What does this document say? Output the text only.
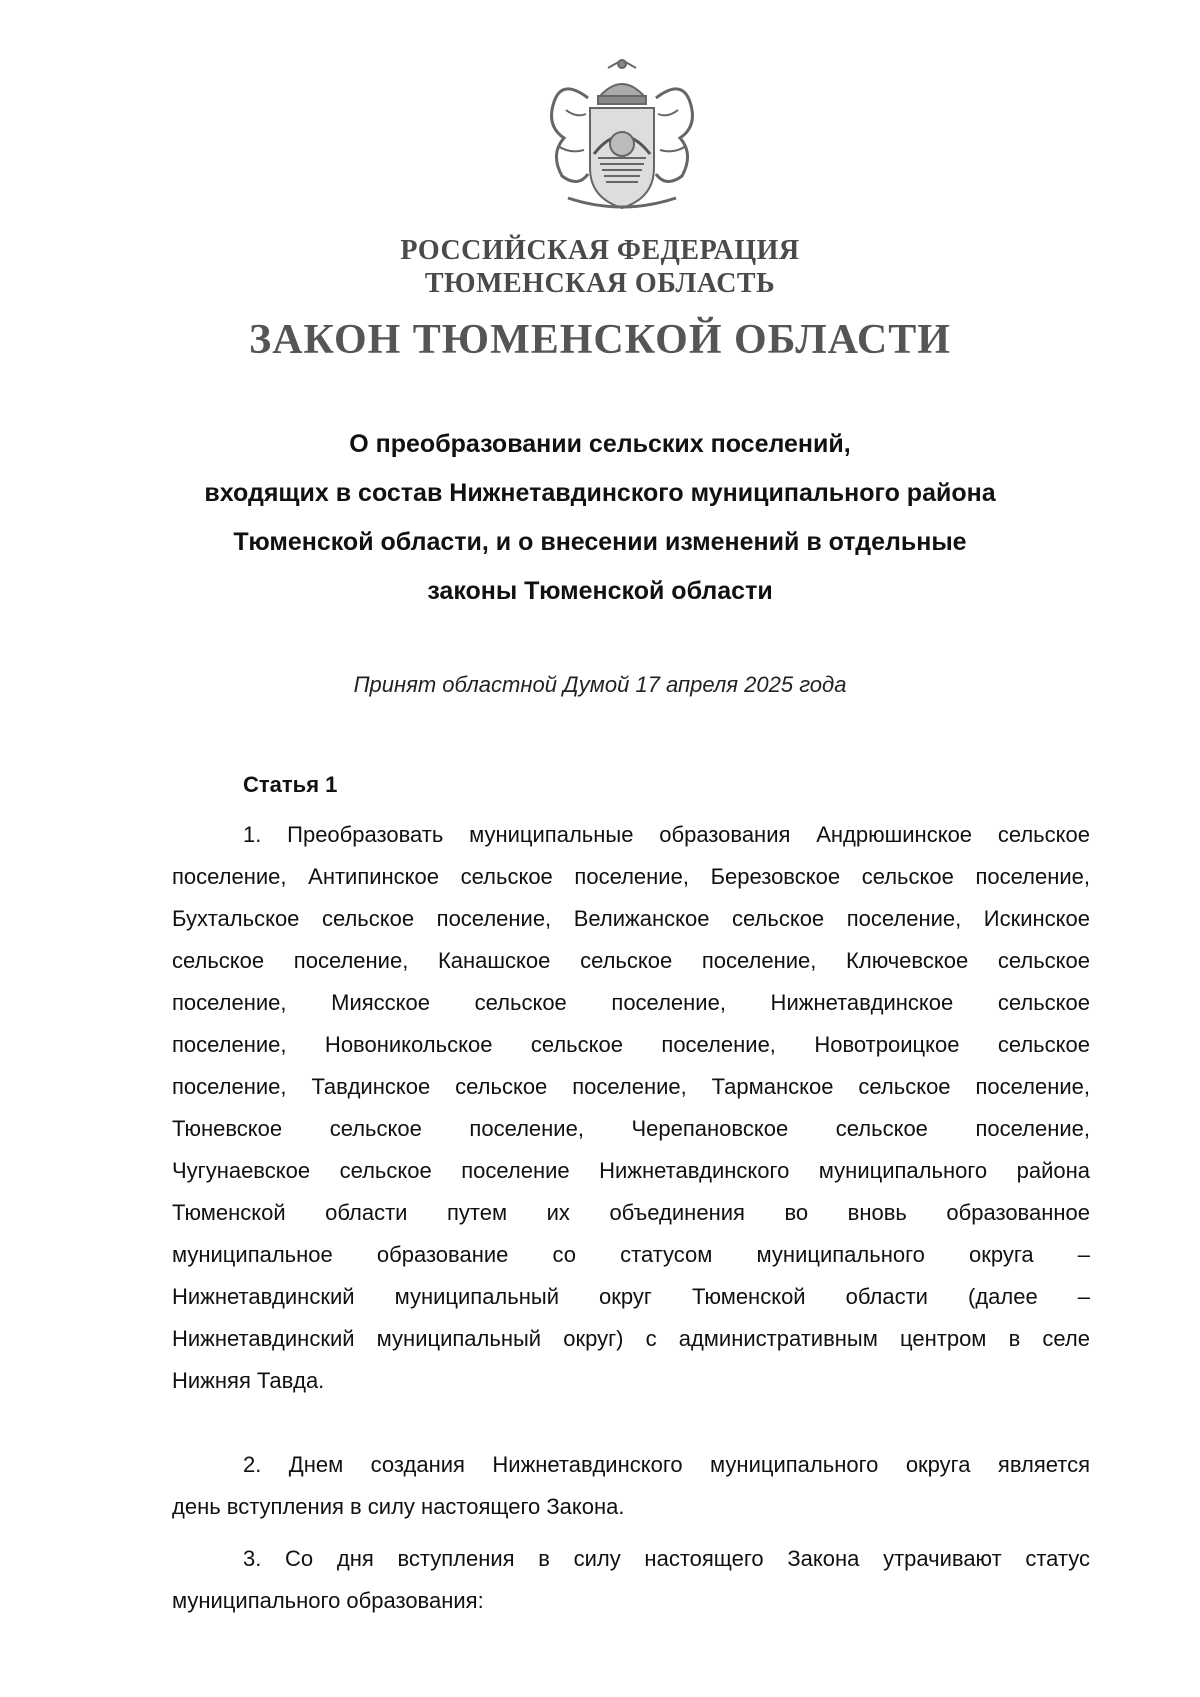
РОССИЙСКАЯ ФЕДЕРАЦИЯ
ТЮМЕНСКАЯ ОБЛАСТЬ
ЗАКОН ТЮМЕНСКОЙ ОБЛАСТИ
О преобразовании сельских поселений,
входящих в состав Нижнетавдинского муниципального района
Тюменской области, и о внесении изменений в отдельные
законы Тюменской области
Принят областной Думой 17 апреля 2025 года
Статья 1
1. Преобразовать муниципальные образования Андрюшинское сельское
поселение, Антипинское сельское поселение, Березовское сельское поселение,
Бухтальское сельское поселение, Велижанское сельское поселение, Искинское
сельское поселение, Канашское сельское поселение, Ключевское сельское
поселение, Миясское сельское поселение, Нижнетавдинское сельское
поселение, Новоникольское сельское поселение, Новотроицкое сельское
поселение, Тавдинское сельское поселение, Тарманское сельское поселение,
Тюневское сельское поселение, Черепановское сельское поселение,
Чугунаевское сельское поселение Нижнетавдинского муниципального района
Тюменской области путем их объединения во вновь образованное
муниципальное образование со статусом муниципального округа –
Нижнетавдинский муниципальный округ Тюменской области (далее –
Нижнетавдинский муниципальный округ) с административным центром в селе
Нижняя Тавда.
2. Днем создания Нижнетавдинского муниципального округа является
день вступления в силу настоящего Закона.
3. Со дня вступления в силу настоящего Закона утрачивают статус
муниципального образования:
